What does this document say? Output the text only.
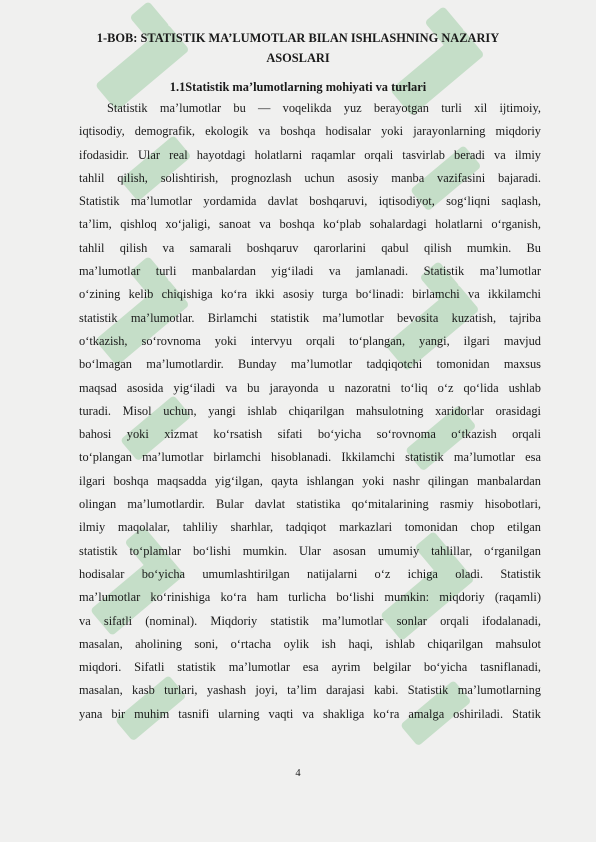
1-BOB: STATISTIK MA’LUMOTLAR BILAN ISHLASHNING NAZARIY
ASOSLARI
1.1Statistik ma’lumotlarning mohiyati va turlari
Statistik ma’lumotlar bu — voqelikda yuz berayotgan turli xil ijtimoiy,
iqtisodiy, demografik, ekologik va boshqa hodisalar yoki jarayonlarning miqdoriy
ifodasidir. Ular real hayotdagi holatlarni raqamlar orqali tasvirlab beradi va ilmiy
tahlil qilish, solishtirish, prognozlash uchun asosiy manba vazifasini bajaradi.
Statistik ma’lumotlar yordamida davlat boshqaruvi, iqtisodiyot, sog‘liqni saqlash,
ta’lim, qishloq xo‘jaligi, sanoat va boshqa ko‘plab sohalardagi holatlarni o‘rganish,
tahlil qilish va samarali boshqaruv qarorlarini qabul qilish mumkin. Bu
ma’lumotlar turli manbalardan yig‘iladi va jamlanadi. Statistik ma’lumotlar
o‘zining kelib chiqishiga ko‘ra ikki asosiy turga bo‘linadi: birlamchi va ikkilamchi
statistik ma’lumotlar. Birlamchi statistik ma’lumotlar bevosita kuzatish, tajriba
o‘tkazish, so‘rovnoma yoki intervyu orqali to‘plangan, yangi, ilgari mavjud
bo‘lmagan ma’lumotlardir. Bunday ma’lumotlar tadqiqotchi tomonidan maxsus
maqsad asosida yig‘iladi va bu jarayonda u nazoratni to‘liq o‘z qo‘lida ushlab
turadi. Misol uchun, yangi ishlab chiqarilgan mahsulotning xaridorlar orasidagi
bahosi yoki xizmat ko‘rsatish sifati bo‘yicha so‘rovnoma o‘tkazish orqali
to‘plangan ma’lumotlar birlamchi hisoblanadi. Ikkilamchi statistik ma’lumotlar esa
ilgari boshqa maqsadda yig‘ilgan, qayta ishlangan yoki nashr qilingan manbalardan
olingan ma’lumotlardir. Bular davlat statistika qo‘mitalarining rasmiy hisobotlari,
ilmiy maqolalar, tahliliy sharhlar, tadqiqot markazlari tomonidan chop etilgan
statistik to‘plamlar bo‘lishi mumkin. Ular asosan umumiy tahlillar, o‘rganilgan
hodisalar bo‘yicha umumlashtirilgan natijalarni o‘z ichiga oladi. Statistik
ma’lumotlar ko‘rinishiga ko‘ra ham turlicha bo‘lishi mumkin: miqdoriy (raqamli)
va sifatli (nominal). Miqdoriy statistik ma’lumotlar sonlar orqali ifodalanadi,
masalan, aholining soni, o‘rtacha oylik ish haqi, ishlab chiqarilgan mahsulot
miqdori. Sifatli statistik ma’lumotlar esa ayrim belgilar bo‘yicha tasniflanadi,
masalan, kasb turlari, yashash joyi, ta’lim darajasi kabi. Statistik ma’lumotlarning
yana bir muhim tasnifi ularning vaqti va shakliga ko‘ra amalga oshiriladi. Statik
4
